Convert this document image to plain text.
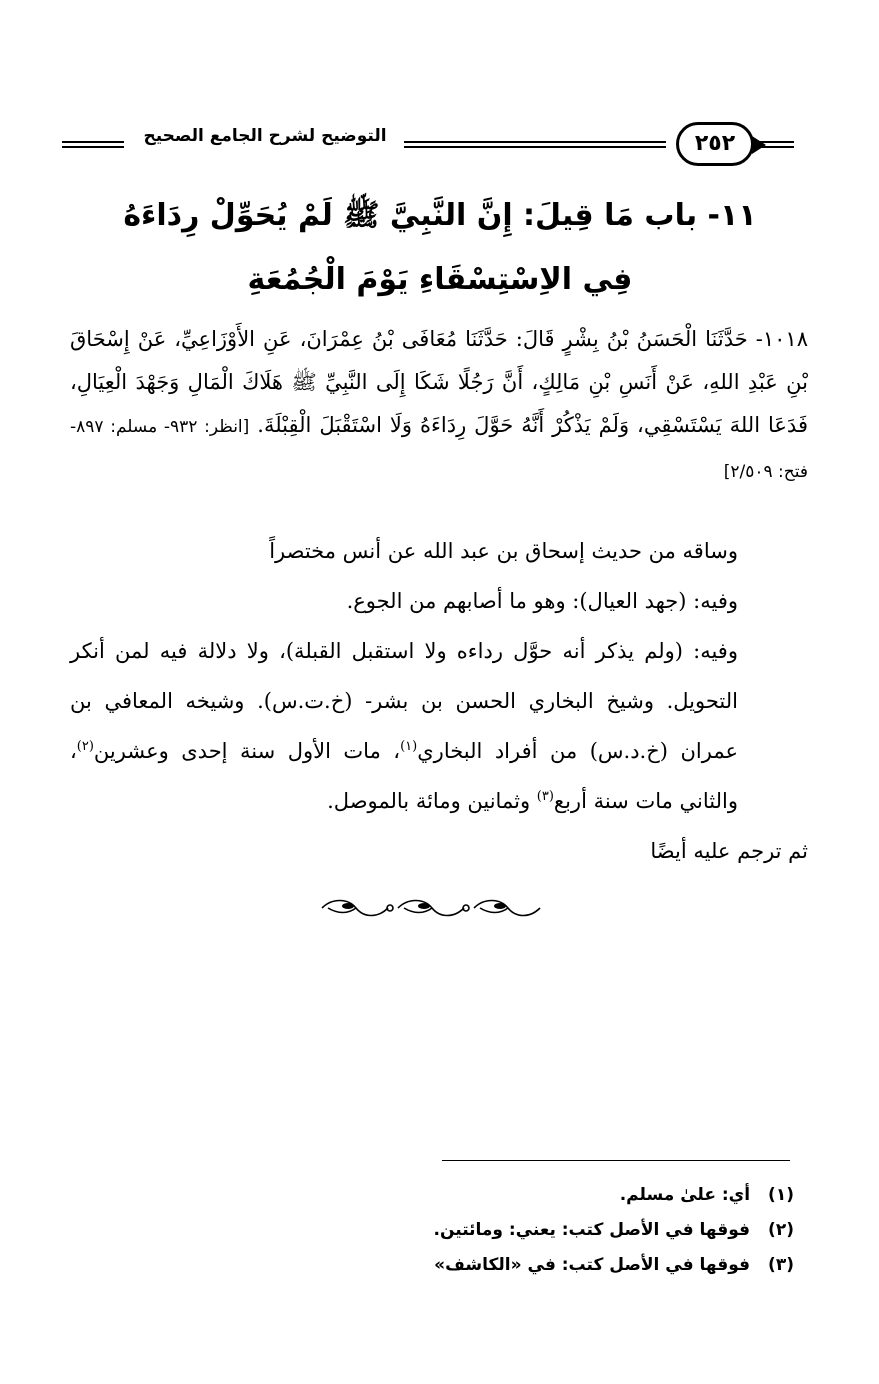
التوضيح لشرح الجامع الصحيح	٢٥٢
١١- باب مَا قِيلَ: إِنَّ النَّبِيَّ ﷺ لَمْ يُحَوِّلْ رِدَاءَهُ
فِي الاِسْتِسْقَاءِ يَوْمَ الْجُمُعَةِ
١٠١٨- حَدَّثَنَا الْحَسَنُ بْنُ بِشْرٍ قَالَ: حَدَّثَنَا مُعَافَى بْنُ عِمْرَانَ، عَنِ الأَوْزَاعِيِّ، عَنْ إِسْحَاقَ بْنِ عَبْدِ اللهِ، عَنْ أَنَسِ بْنِ مَالِكٍ، أَنَّ رَجُلًا شَكَا إِلَى النَّبِيِّ ﷺ هَلَاكَ الْمَالِ وَجَهْدَ الْعِيَالِ، فَدَعَا اللهَ يَسْتَسْقِي، وَلَمْ يَذْكُرْ أَنَّهُ حَوَّلَ رِدَاءَهُ وَلَا اسْتَقْبَلَ الْقِبْلَةَ. [انظر: ٩٣٢- مسلم: ٨٩٧- فتح: ٢/٥٠٩]

وساقه من حديث إسحاق بن عبد الله عن أنس مختصراً

وفيه: (جهد العيال): وهو ما أصابهم من الجوع.

وفيه: (ولم يذكر أنه حوَّل رداءه ولا استقبل القبلة)، ولا دلالة فيه لمن أنكر التحويل. وشيخ البخاري الحسن بن بشر- (خ.ت.س). وشيخه المعافي بن عمران (خ.د.س) من أفراد البخاري$^{(١)}$، مات الأول سنة إحدى وعشرين$^{(٢)}$، والثاني مات سنة أربع$^{(٣)}$ وثمانين ومائة بالموصل.

ثم ترجم عليه أيضًا

(١) أي: علىٰ مسلم.
(٢) فوقها في الأصل كتب: يعني: ومائتين.
(٣) فوقها في الأصل كتب: في «الكاشف»
